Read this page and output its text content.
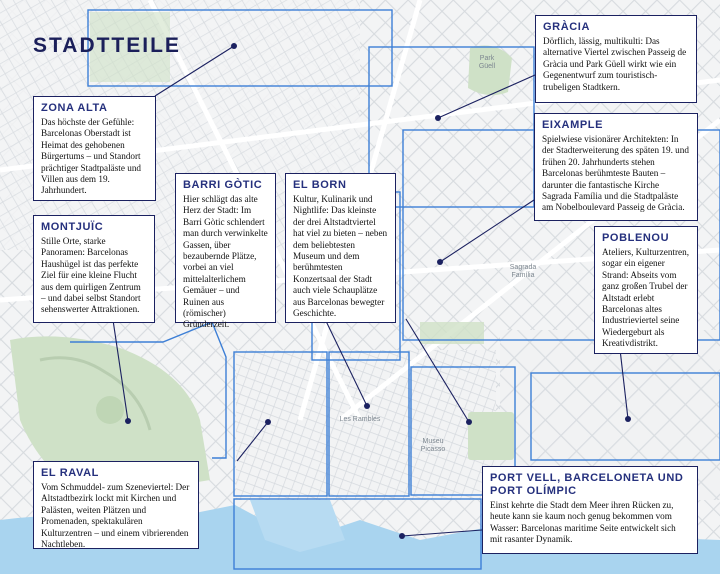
Park
Güell
Sagrada
Família
Les Rambles
Museu
Picasso
STADTTEILE
GRÀCIA

Dörflich, lässig, multikulti: Das alternative Viertel zwischen Passeig de Gràcia und Park Güell wirkt wie ein Gegenentwurf zum touristisch-trubeligen Stadtkern.

ZONA ALTA

Das höchste der Gefühle: Barcelonas Oberstadt ist Heimat des gehobenen Bürgertums – und Standort prächtiger Stadtpaläste und Villen aus dem 19. Jahrhundert.

EIXAMPLE

Spielwiese visionärer Architekten: In der Stadterweiterung des späten 19. und frühen 20. Jahrhunderts stehen Barcelonas berühmteste Bauten – darunter die fantastische Kirche Sagrada Família und die Stadtpaläste am Nobelboulevard Passeig de Gràcia.

BARRI GÒTIC

Hier schlägt das alte Herz der Stadt: Im Barri Gòtic schlendert man durch verwinkelte Gassen, über bezaubernde Plätze, vorbei an viel mittelalterlichem Gemäuer – und Ruinen aus (römischer) Gründerzeit.

EL BORN

Kultur, Kulinarik und Nightlife: Das kleinste der drei Altstadtviertel hat viel zu bieten – neben dem beliebtesten Museum und dem berühmtesten Konzertsaal der Stadt auch viele Schauplätze aus Barcelonas bewegter Geschichte.

MONTJUÏC

Stille Orte, starke Panoramen: Barcelonas Haushügel ist das perfekte Ziel für eine kleine Flucht aus dem quirligen Zentrum – und dabei selbst Standort sehenswerter Attraktionen.

POBLENOU

Ateliers, Kulturzentren, sogar ein eigener Strand: Abseits vom ganz großen Trubel der Altstadt erlebt Barcelonas altes Industrieviertel seine Wiedergeburt als Kreativdistrikt.

EL RAVAL

Vom Schmuddel- zum Szeneviertel: Der Altstadtbezirk lockt mit Kirchen und Palästen, weiten Plätzen und Promenaden, spektakulären Kulturzentren – und einem vibrierenden Nachtleben.

PORT VELL, BARCELONETA UND PORT OLÍMPIC

Einst kehrte die Stadt dem Meer ihren Rücken zu, heute kann sie kaum noch genug bekommen vom Wasser: Barcelonas maritime Seite entwickelt sich mit rasanter Dynamik.
